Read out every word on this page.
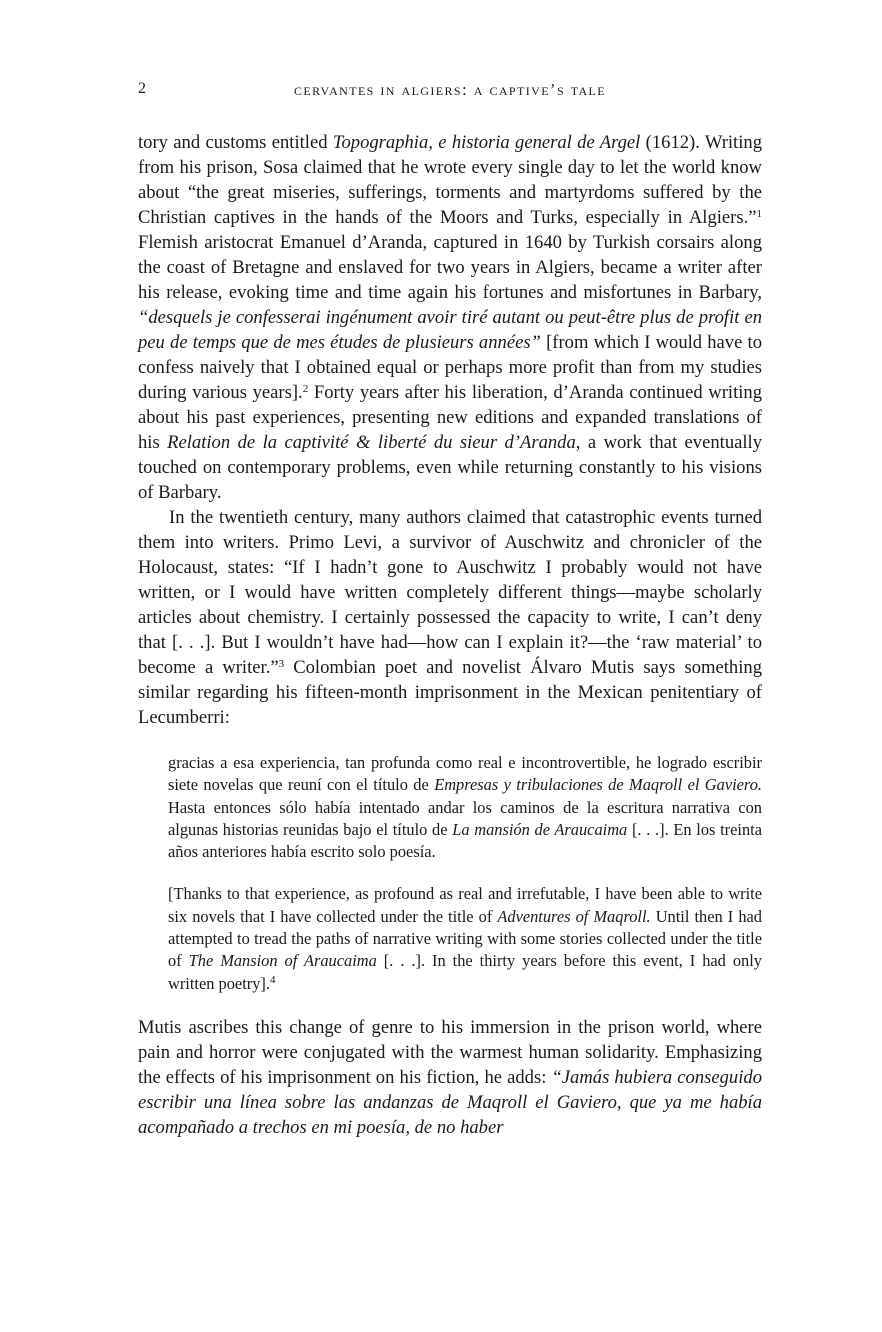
2	cervantes in algiers: a captive’s tale

tory and customs entitled Topographia, e historia general de Argel (1612). Writing from his prison, Sosa claimed that he wrote every single day to let the world know about “the great miseries, sufferings, torments and martyrdoms suffered by the Christian captives in the hands of the Moors and Turks, especially in Algiers.”$^1$ Flemish aristocrat Emanuel d’Aranda, captured in 1640 by Turkish corsairs along the coast of Bretagne and enslaved for two years in Algiers, became a writer after his release, evoking time and time again his fortunes and misfortunes in Barbary, “desquels je confesserai ingénument avoir tiré autant ou peut-être plus de profit en peu de temps que de mes études de plusieurs années” [from which I would have to confess naively that I obtained equal or perhaps more profit than from my studies during various years].$^2$ Forty years after his liberation, d’Aranda continued writing about his past experiences, presenting new editions and expanded translations of his Relation de la captivité & liberté du sieur d’Aranda, a work that eventually touched on contemporary problems, even while returning constantly to his visions of Barbary.

In the twentieth century, many authors claimed that catastrophic events turned them into writers. Primo Levi, a survivor of Auschwitz and chronicler of the Holocaust, states: “If I hadn’t gone to Auschwitz I probably would not have written, or I would have written completely different things—maybe scholarly articles about chemistry. I certainly possessed the capacity to write, I can’t deny that [. . .]. But I wouldn’t have had—how can I explain it?—the ‘raw material’ to become a writer.”$^3$ Colombian poet and novelist Álvaro Mutis says something similar regarding his fifteen-month imprisonment in the Mexican penitentiary of Lecumberri:

gracias a esa experiencia, tan profunda como real e incontrovertible, he logrado escribir siete novelas que reuní con el título de Empresas y tribulaciones de Maqroll el Gaviero. Hasta entonces sólo había intentado andar los caminos de la escritura narrativa con algunas historias reunidas bajo el título de La mansión de Araucaima [. . .]. En los treinta años anteriores había escrito solo poesía.

[Thanks to that experience, as profound as real and irrefutable, I have been able to write six novels that I have collected under the title of Adventures of Maqroll. Until then I had attempted to tread the paths of narrative writing with some stories collected under the title of The Mansion of Araucaima [. . .]. In the thirty years before this event, I had only written poetry].$^4$

Mutis ascribes this change of genre to his immersion in the prison world, where pain and horror were conjugated with the warmest human solidarity. Emphasizing the effects of his imprisonment on his fiction, he adds: “Jamás hubiera conseguido escribir una línea sobre las andanzas de Maqroll el Gaviero, que ya me había acompañado a trechos en mi poesía, de no haber
